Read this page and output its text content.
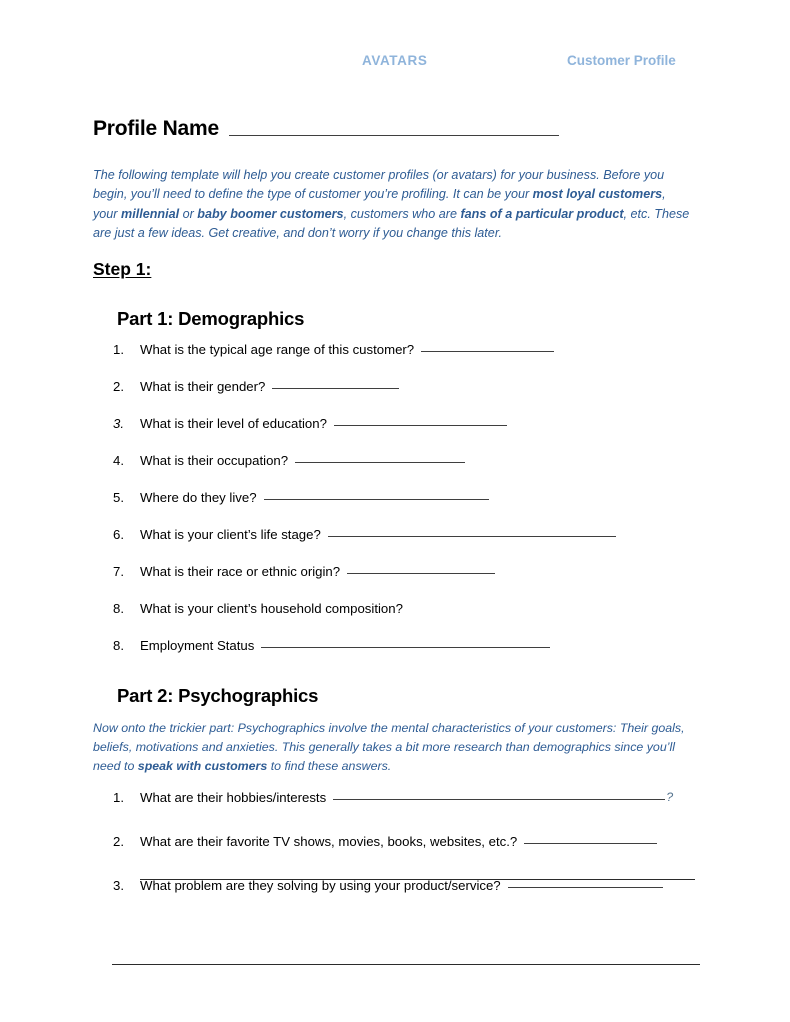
AVATARS	Customer Profile
Profile Name
The following template will help you create customer profiles (or avatars) for your business. Before you begin, you’ll need to define the type of customer you’re profiling. It can be your most loyal customers, your millennial or baby boomer customers, customers who are fans of a particular product, etc. These are just a few ideas. Get creative, and don’t worry if you change this later.
Step 1:
Part 1: Demographics
1.	What is the typical age range of this customer?
2.	What is their gender?
3.	What is their level of education?
4.	What is their occupation?
5.	Where do they live?
6.	What is your client’s life stage?
7.	What is their race or ethnic origin?
8.	What is your client’s household composition?
8.	Employment Status
Part 2: Psychographics
Now onto the trickier part: Psychographics involve the mental characteristics of your customers: Their goals, beliefs, motivations and anxieties. This generally takes a bit more research than demographics since you’ll need to speak with customers to find these answers.
1.	What are their hobbies/interests	?
2.	What are their favorite TV shows, movies, books, websites, etc.?
3.	What problem are they solving by using your product/service?
